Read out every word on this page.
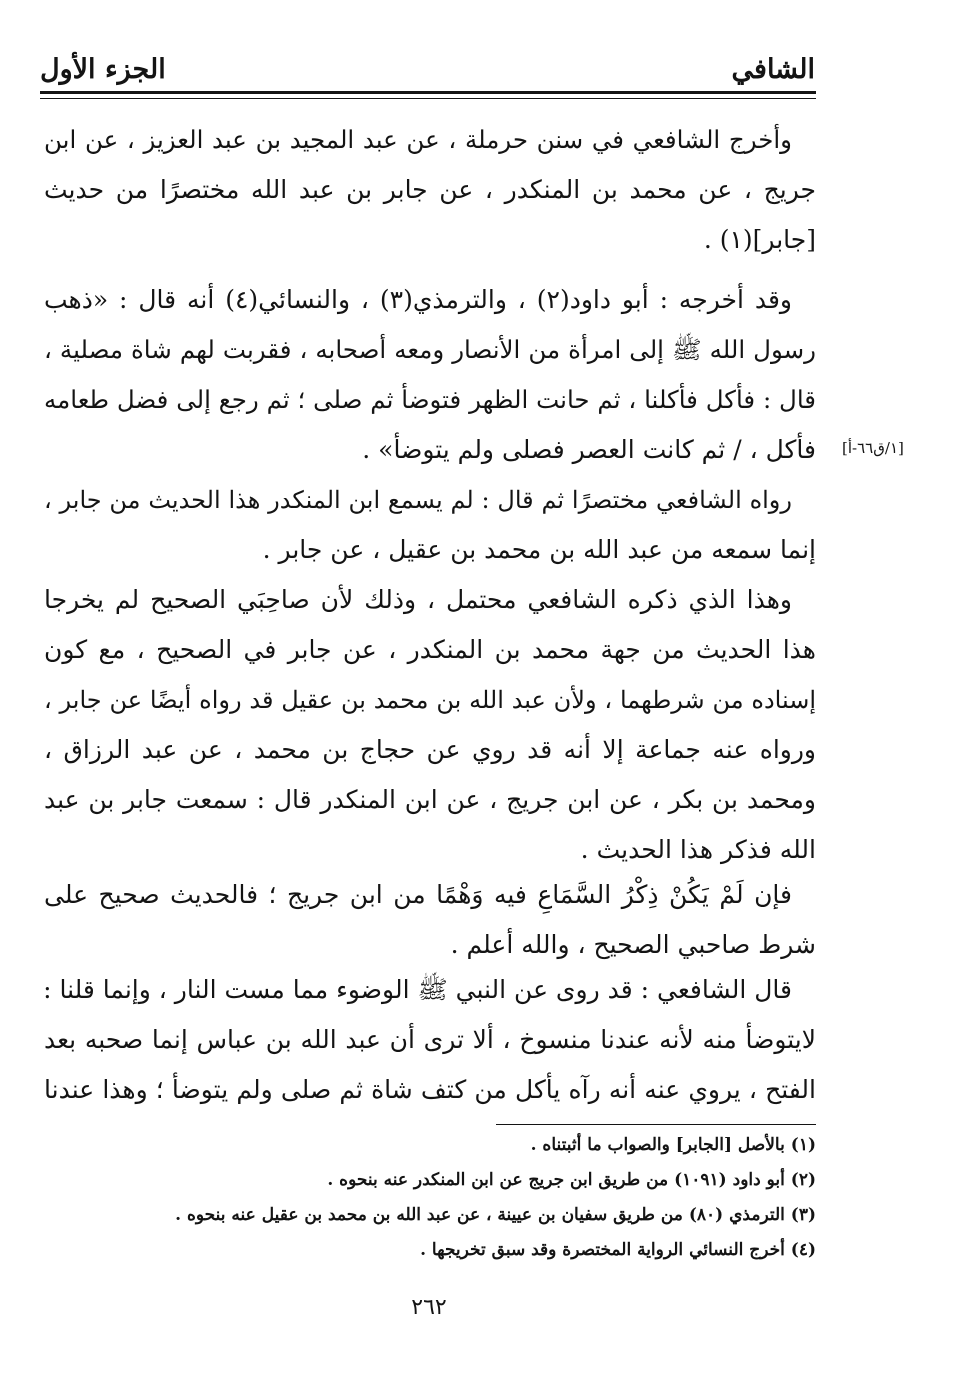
الشافي
الجزء الأول
وأخرج الشافعي في سنن حرملة ، عن عبد المجيد بن عبد العزيز ، عن ابن
جريج ، عن محمد بن المنكدر ، عن جابر بن عبد الله مختصرًا من حديث
[جابر](١) .
وقد أخرجه : أبو داود(٢) ، والترمذي(٣) ، والنسائي(٤) أنه قال : «ذهب
رسول الله ﷺ إلى امرأة من الأنصار ومعه أصحابه ، فقربت لهم شاة مصلية ،
قال : فأكل فأكلنا ، ثم حانت الظهر فتوضأ ثم صلى ؛ ثم رجع إلى فضل طعامه
فأكل ، / ثم كانت العصر فصلى ولم يتوضأ» . [١/ق٦٦-أ]
رواه الشافعي مختصرًا ثم قال : لم يسمع ابن المنكدر هذا الحديث من جابر ،
إنما سمعه من عبد الله بن محمد بن عقيل ، عن جابر .
وهذا الذي ذكره الشافعي محتمل ، وذلك لأن صاحِبَي الصحيح لم يخرجا
هذا الحديث من جهة محمد بن المنكدر ، عن جابر في الصحيح ، مع كون
إسناده من شرطهما ، ولأن عبد الله بن محمد بن عقيل قد رواه أيضًا عن جابر ،
ورواه عنه جماعة إلا أنه قد روي عن حجاج بن محمد ، عن عبد الرزاق ،
ومحمد بن بكر ، عن ابن جريج ، عن ابن المنكدر قال : سمعت جابر بن عبد
الله فذكر هذا الحديث .
فإن لَمْ يَكُنْ ذِكْرُ السَّمَاعِ فيه وَهْمًا من ابن جريج ؛ فالحديث صحيح على
شرط صاحبي الصحيح ، والله أعلم .
قال الشافعي : قد روى عن النبي ﷺ الوضوء مما مست النار ، وإنما قلنا :
لايتوضأ منه لأنه عندنا منسوخ ، ألا ترى أن عبد الله بن عباس إنما صحبه بعد
الفتح ، يروي عنه أنه رآه يأكل من كتف شاة ثم صلى ولم يتوضأ ؛ وهذا عندنا
(١) بالأصل [الجابر] والصواب ما أثبتناه .
(٢) أبو داود (١٠٩١) من طريق ابن جريج عن ابن المنكدر عنه بنحوه .
(٣) الترمذي (٨٠) من طريق سفيان بن عيينة ، عن عبد الله بن محمد بن عقيل عنه بنحوه .
(٤) أخرج النسائي الرواية المختصرة وقد سبق تخريجها .
٢٦٢
